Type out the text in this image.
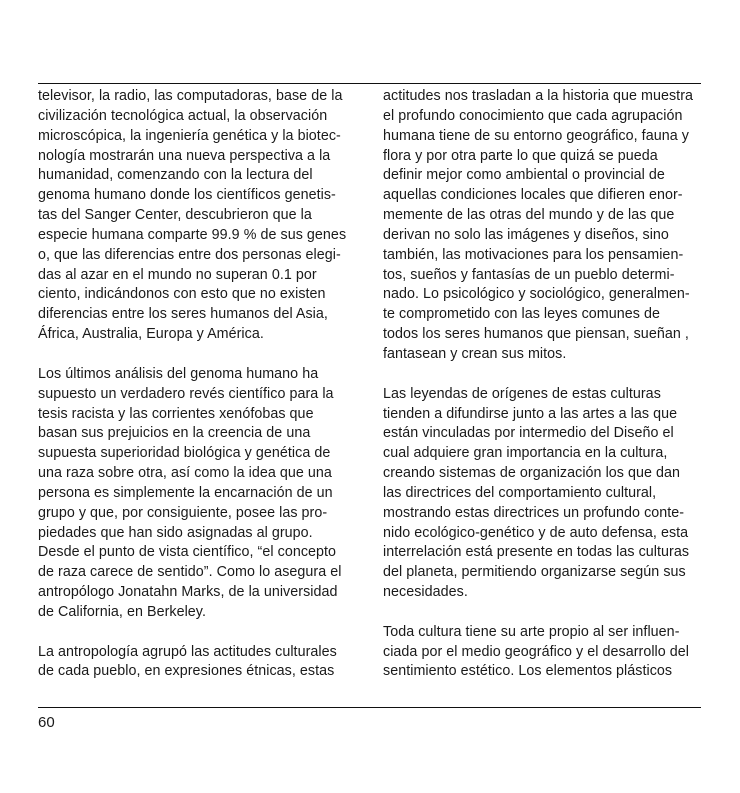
televisor, la radio, las computadoras, base de la
civilización tecnológica actual, la observación
microscópica, la ingeniería genética y la biotec-
nología mostrarán una nueva perspectiva a la
humanidad, comenzando con la lectura del
genoma humano donde los científicos genetis-
tas del Sanger Center, descubrieron que la
especie humana comparte 99.9 % de sus genes
o, que las diferencias entre dos personas elegi-
das al azar en el mundo no superan 0.1 por
ciento, indicándonos con esto que no existen
diferencias entre los seres humanos del Asia,
África, Australia, Europa y América.
Los últimos análisis del genoma humano ha
supuesto un verdadero revés científico para la
tesis racista y las corrientes xenófobas que
basan sus prejuicios en la creencia de una
supuesta superioridad biológica y genética de
una raza sobre otra, así como la idea que una
persona es simplemente la encarnación de un
grupo y que, por consiguiente, posee las pro-
piedades que han sido asignadas al grupo.
Desde el punto de vista científico, “el concepto
de raza carece de sentido”. Como lo asegura el
antropólogo Jonatahn Marks, de la universidad
de California, en Berkeley.
La antropología agrupó las actitudes culturales
de cada pueblo, en expresiones étnicas, estas
actitudes nos trasladan a la historia que muestra
el profundo conocimiento que cada agrupación
humana tiene de su entorno geográfico, fauna y
flora y por otra parte lo que quizá se pueda
definir mejor como ambiental o provincial de
aquellas condiciones locales que difieren enor-
memente de las otras del mundo y de las que
derivan no solo las imágenes y diseños, sino
también, las motivaciones para los pensamien-
tos, sueños y fantasías de un pueblo determi-
nado. Lo psicológico y sociológico, generalmen-
te comprometido con las leyes comunes de
todos los seres humanos que piensan, sueñan ,
fantasean y crean sus mitos.
Las leyendas de orígenes de estas culturas
tienden a difundirse junto a las artes a las que
están vinculadas por intermedio del Diseño el
cual adquiere gran importancia en la cultura,
creando sistemas de organización los que dan
las directrices del comportamiento cultural,
mostrando estas directrices un profundo conte-
nido ecológico-genético y de auto defensa, esta
interrelación está presente en todas las culturas
del planeta, permitiendo organizarse según sus
necesidades.
Toda cultura tiene su arte propio al ser influen-
ciada por el medio geográfico y el desarrollo del
sentimiento estético. Los elementos plásticos
60
